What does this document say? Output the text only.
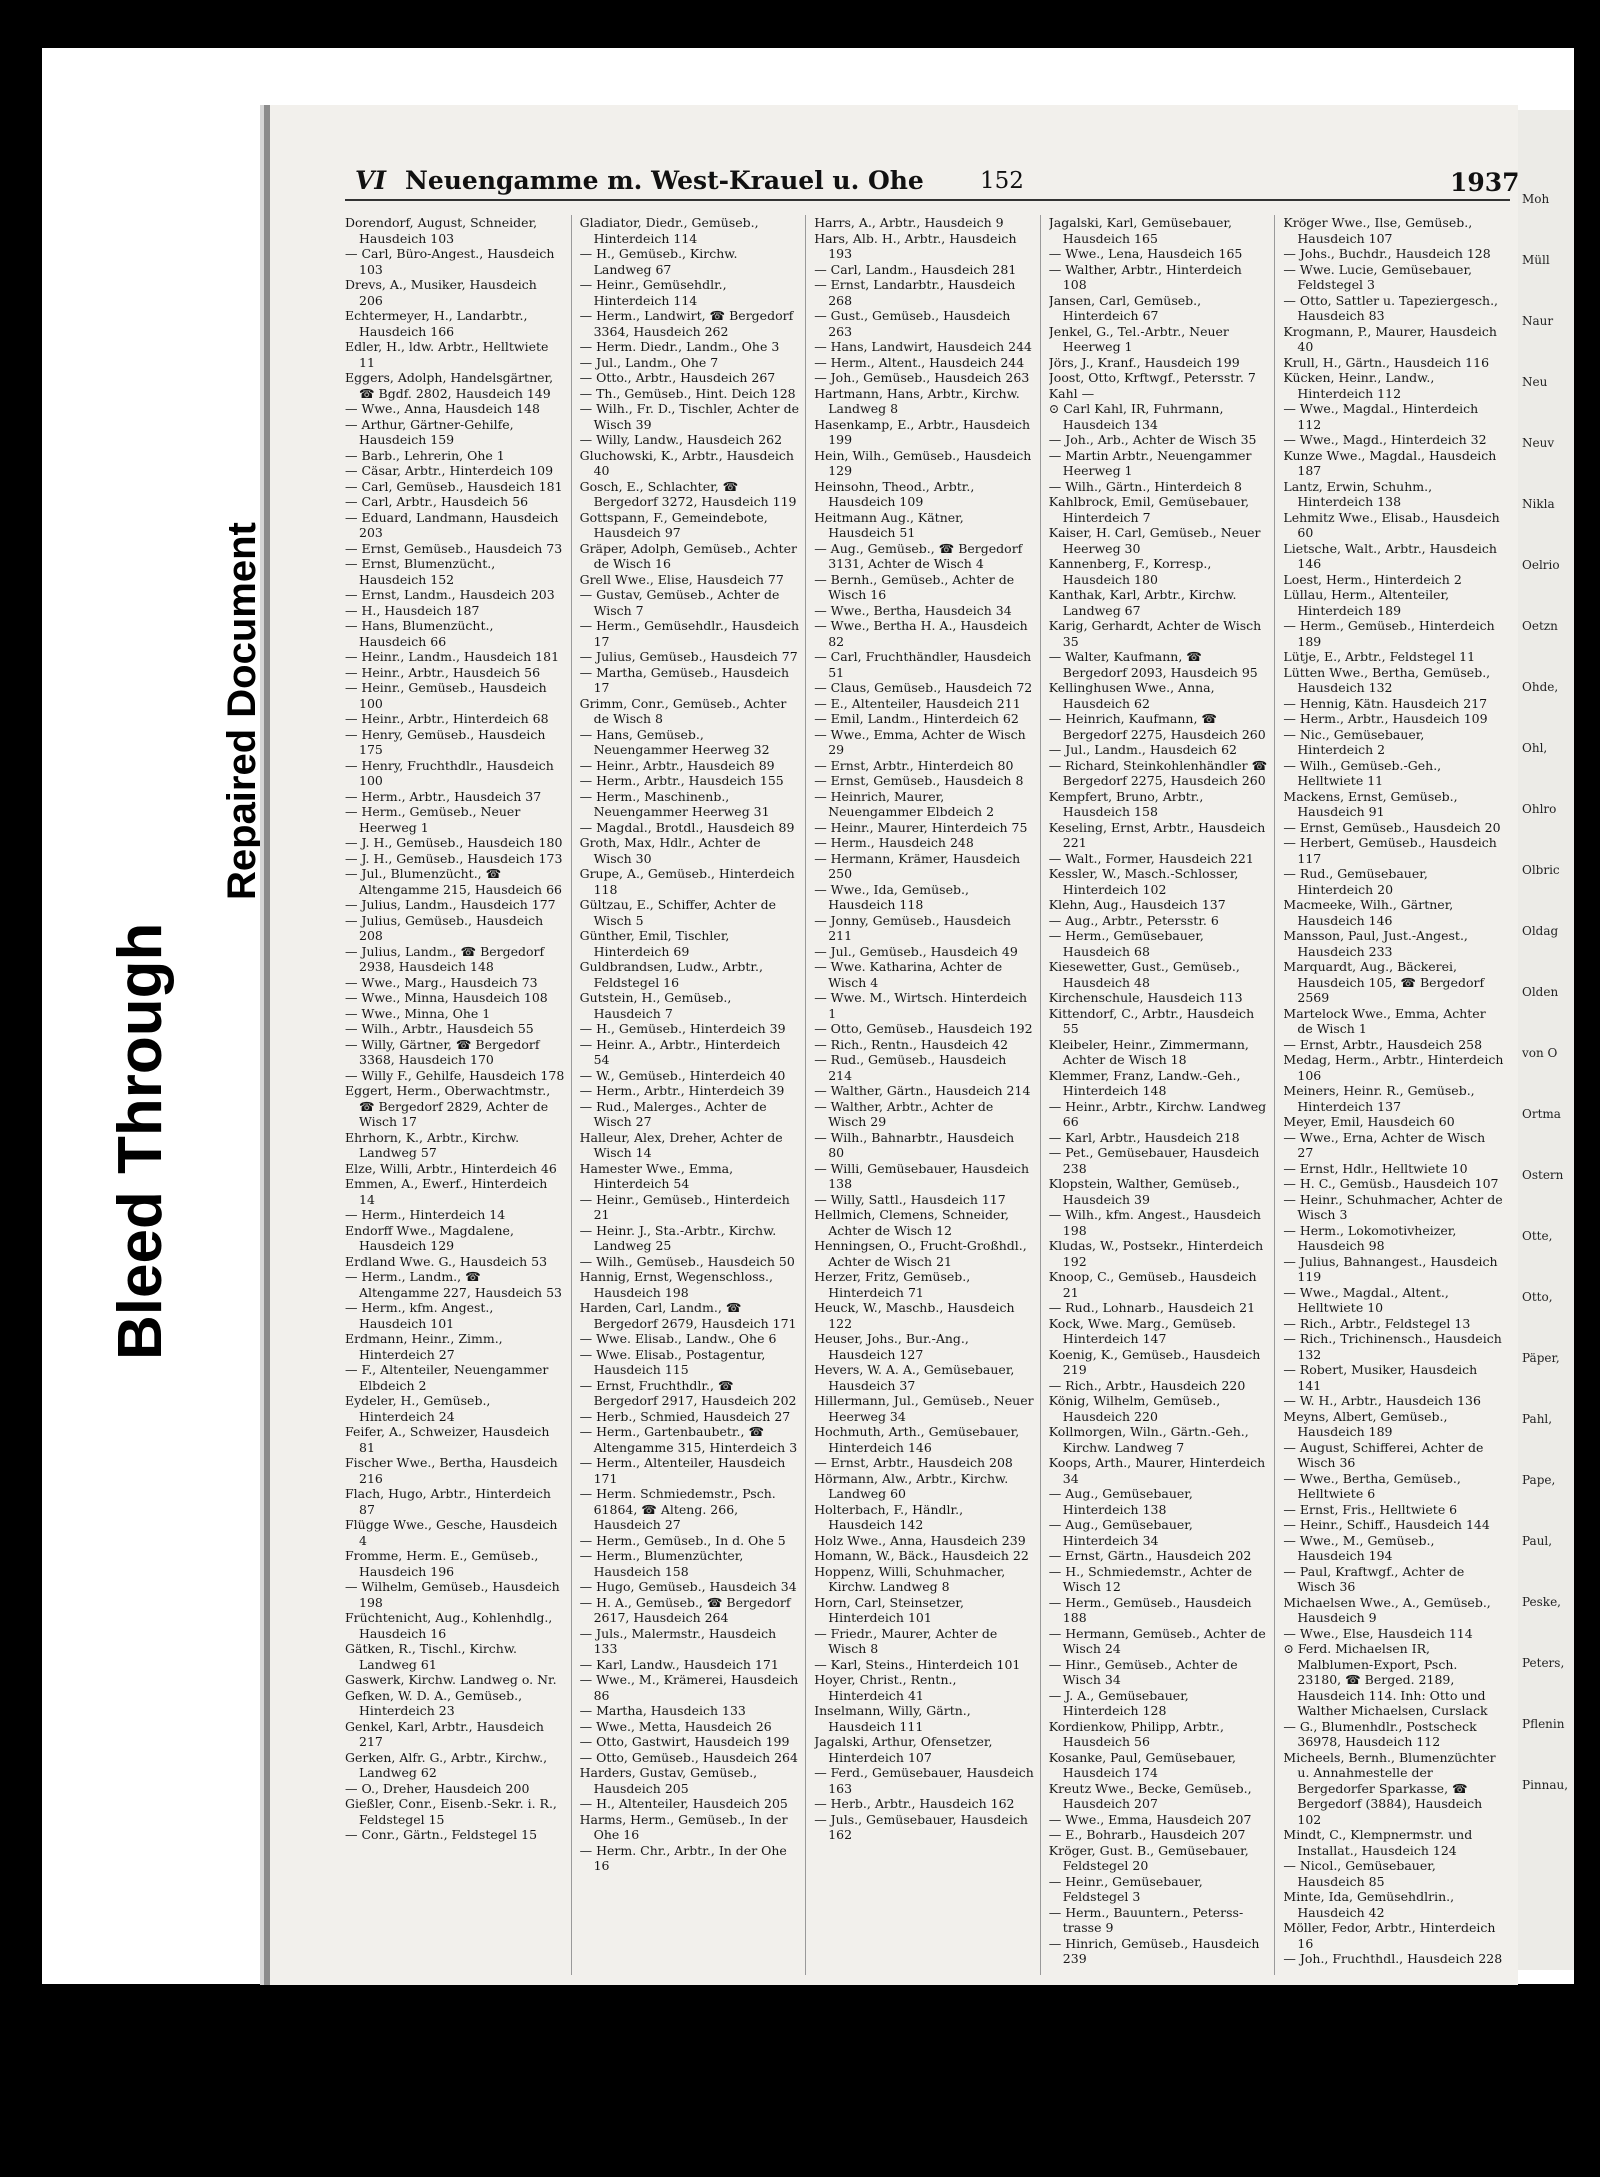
Bleed Through
Repaired Document
Moh
Müll
Naur
Neu
Neuv
Nikla
Oelrio
Oetzn
Ohde,
Ohl,
Ohlro
Olbric
Oldag
Olden
von O
Ortma
Ostern
Otte,
Otto,
Päper,
Pahl,
Pape,
Paul,
Peske,
Peters,
Pflenin
Pinnau,
VI Neuengamme m. West-Krauel u. Ohe 152	1937

Dorendorf, August, Schneider, Hausdeich 103

— Carl, Büro-Angest., Hausdeich 103

Drevs, A., Musiker, Hausdeich 206

Echtermeyer, H., Landarbtr., Hausdeich 166

Edler, H., ldw. Arbtr., Helltwiete 11

Eggers, Adolph, Handelsgärtner, ☎ Bgdf. 2802, Hausdeich 149

— Wwe., Anna, Hausdeich 148

— Arthur, Gärtner-Gehilfe, Hausdeich 159

— Barb., Lehrerin, Ohe 1

— Cäsar, Arbtr., Hinterdeich 109

— Carl, Gemüseb., Hausdeich 181

— Carl, Arbtr., Hausdeich 56

— Eduard, Landmann, Hausdeich 203

— Ernst, Gemüseb., Hausdeich 73

— Ernst, Blumenzücht., Hausdeich 152

— Ernst, Landm., Hausdeich 203

— H., Hausdeich 187

— Hans, Blumenzücht., Hausdeich 66

— Heinr., Landm., Hausdeich 181

— Heinr., Arbtr., Hausdeich 56

— Heinr., Gemüseb., Hausdeich 100

— Heinr., Arbtr., Hinterdeich 68

— Henry, Gemüseb., Hausdeich 175

— Henry, Fruchthdlr., Hausdeich 100

— Herm., Arbtr., Hausdeich 37

— Herm., Gemüseb., Neuer Heerweg 1

— J. H., Gemüseb., Hausdeich 180

— J. H., Gemüseb., Hausdeich 173

— Jul., Blumenzücht., ☎ Altengamme 215, Hausdeich 66

— Julius, Landm., Hausdeich 177

— Julius, Gemüseb., Hausdeich 208

— Julius, Landm., ☎ Bergedorf 2938, Hausdeich 148

— Wwe., Marg., Hausdeich 73

— Wwe., Minna, Hausdeich 108

— Wwe., Minna, Ohe 1

— Wilh., Arbtr., Hausdeich 55

— Willy, Gärtner, ☎ Bergedorf 3368, Hausdeich 170

— Willy F., Gehilfe, Hausdeich 178

Eggert, Herm., Oberwachtmstr., ☎ Bergedorf 2829, Achter de Wisch 17

Ehrhorn, K., Arbtr., Kirchw. Landweg 57

Elze, Willi, Arbtr., Hinterdeich 46

Emmen, A., Ewerf., Hinterdeich 14

— Herm., Hinterdeich 14

Endorff Wwe., Magdalene, Hausdeich 129

Erdland Wwe. G., Hausdeich 53

— Herm., Landm., ☎ Altengamme 227, Hausdeich 53

— Herm., kfm. Angest., Hausdeich 101

Erdmann, Heinr., Zimm., Hinterdeich 27

— F., Altenteiler, Neuengammer Elbdeich 2

Eydeler, H., Gemüseb., Hinterdeich 24

Feifer, A., Schweizer, Hausdeich 81

Fischer Wwe., Bertha, Hausdeich 216

Flach, Hugo, Arbtr., Hinterdeich 87

Flügge Wwe., Gesche, Hausdeich 4

Fromme, Herm. E., Gemüseb., Hausdeich 196

— Wilhelm, Gemüseb., Hausdeich 198

Früchtenicht, Aug., Kohlenhdlg., Hausdeich 16

Gätken, R., Tischl., Kirchw. Landweg 61

Gaswerk, Kirchw. Landweg o. Nr.

Gefken, W. D. A., Gemüseb., Hinterdeich 23

Genkel, Karl, Arbtr., Hausdeich 217

Gerken, Alfr. G., Arbtr., Kirchw., Landweg 62

— O., Dreher, Hausdeich 200

Gießler, Conr., Eisenb.-Sekr. i. R., Feldstegel 15

— Conr., Gärtn., Feldstegel 15

Gladiator, Diedr., Gemüseb., Hinterdeich 114

— H., Gemüseb., Kirchw. Landweg 67

— Heinr., Gemüsehdlr., Hinterdeich 114

— Herm., Landwirt, ☎ Bergedorf 3364, Hausdeich 262

— Herm. Diedr., Landm., Ohe 3

— Jul., Landm., Ohe 7

— Otto., Arbtr., Hausdeich 267

— Th., Gemüseb., Hint. Deich 128

— Wilh., Fr. D., Tischler, Achter de Wisch 39

— Willy, Landw., Hausdeich 262

Gluchowski, K., Arbtr., Hausdeich 40

Gosch, E., Schlachter, ☎ Bergedorf 3272, Hausdeich 119

Gottspann, F., Gemeindebote, Hausdeich 97

Gräper, Adolph, Gemüseb., Achter de Wisch 16

Grell Wwe., Elise, Hausdeich 77

— Gustav, Gemüseb., Achter de Wisch 7

— Herm., Gemüsehdlr., Hausdeich 17

— Julius, Gemüseb., Hausdeich 77

— Martha, Gemüseb., Hausdeich 17

Grimm, Conr., Gemüseb., Achter de Wisch 8

— Hans, Gemüseb., Neuengammer Heerweg 32

— Heinr., Arbtr., Hausdeich 89

— Herm., Arbtr., Hausdeich 155

— Herm., Maschinenb., Neuengammer Heerweg 31

— Magdal., Brotdl., Hausdeich 89

Groth, Max, Hdlr., Achter de Wisch 30

Grupe, A., Gemüseb., Hinterdeich 118

Gültzau, E., Schiffer, Achter de Wisch 5

Günther, Emil, Tischler, Hinterdeich 69

Guldbrandsen, Ludw., Arbtr., Feldstegel 16

Gutstein, H., Gemüseb., Hausdeich 7

— H., Gemüseb., Hinterdeich 39

— Heinr. A., Arbtr., Hinterdeich 54

— W., Gemüseb., Hinterdeich 40

— Herm., Arbtr., Hinterdeich 39

— Rud., Malerges., Achter de Wisch 27

Halleur, Alex, Dreher, Achter de Wisch 14

Hamester Wwe., Emma, Hinterdeich 54

— Heinr., Gemüseb., Hinterdeich 21

— Heinr. J., Sta.-Arbtr., Kirchw. Landweg 25

— Wilh., Gemüseb., Hausdeich 50

Hannig, Ernst, Wegenschloss., Hausdeich 198

Harden, Carl, Landm., ☎ Bergedorf 2679, Hausdeich 171

— Wwe. Elisab., Landw., Ohe 6

— Wwe. Elisab., Postagentur, Hausdeich 115

— Ernst, Fruchthdlr., ☎ Bergedorf 2917, Hausdeich 202

— Herb., Schmied, Hausdeich 27

— Herm., Gartenbaubetr., ☎ Altengamme 315, Hinterdeich 3

— Herm., Altenteiler, Hausdeich 171

— Herm. Schmiedemstr., Psch. 61864, ☎ Alteng. 266, Hausdeich 27

— Herm., Gemüseb., In d. Ohe 5

— Herm., Blumenzüchter, Hausdeich 158

— Hugo, Gemüseb., Hausdeich 34

— H. A., Gemüseb., ☎ Bergedorf 2617, Hausdeich 264

— Juls., Malermstr., Hausdeich 133

— Karl, Landw., Hausdeich 171

— Wwe., M., Krämerei, Hausdeich 86

— Martha, Hausdeich 133

— Wwe., Metta, Hausdeich 26

— Otto, Gastwirt, Hausdeich 199

— Otto, Gemüseb., Hausdeich 264

Harders, Gustav, Gemüseb., Hausdeich 205

— H., Altenteiler, Hausdeich 205

Harms, Herm., Gemüseb., In der Ohe 16

— Herm. Chr., Arbtr., In der Ohe 16

Harrs, A., Arbtr., Hausdeich 9

Hars, Alb. H., Arbtr., Hausdeich 193

— Carl, Landm., Hausdeich 281

— Ernst, Landarbtr., Hausdeich 268

— Gust., Gemüseb., Hausdeich 263

— Hans, Landwirt, Hausdeich 244

— Herm., Altent., Hausdeich 244

— Joh., Gemüseb., Hausdeich 263

Hartmann, Hans, Arbtr., Kirchw. Landweg 8

Hasenkamp, E., Arbtr., Hausdeich 199

Hein, Wilh., Gemüseb., Hausdeich 129

Heinsohn, Theod., Arbtr., Hausdeich 109

Heitmann Aug., Kätner, Hausdeich 51

— Aug., Gemüseb., ☎ Bergedorf 3131, Achter de Wisch 4

— Bernh., Gemüseb., Achter de Wisch 16

— Wwe., Bertha, Hausdeich 34

— Wwe., Bertha H. A., Hausdeich 82

— Carl, Fruchthändler, Hausdeich 51

— Claus, Gemüseb., Hausdeich 72

— E., Altenteiler, Hausdeich 211

— Emil, Landm., Hinterdeich 62

— Wwe., Emma, Achter de Wisch 29

— Ernst, Arbtr., Hinterdeich 80

— Ernst, Gemüseb., Hausdeich 8

— Heinrich, Maurer, Neuengammer Elbdeich 2

— Heinr., Maurer, Hinterdeich 75

— Herm., Hausdeich 248

— Hermann, Krämer, Hausdeich 250

— Wwe., Ida, Gemüseb., Hausdeich 118

— Jonny, Gemüseb., Hausdeich 211

— Jul., Gemüseb., Hausdeich 49

— Wwe. Katharina, Achter de Wisch 4

— Wwe. M., Wirtsch. Hinterdeich 1

— Otto, Gemüseb., Hausdeich 192

— Rich., Rentn., Hausdeich 42

— Rud., Gemüseb., Hausdeich 214

— Walther, Gärtn., Hausdeich 214

— Walther, Arbtr., Achter de Wisch 29

— Wilh., Bahnarbtr., Hausdeich 80

— Willi, Gemüsebauer, Hausdeich 138

— Willy, Sattl., Hausdeich 117

Hellmich, Clemens, Schneider, Achter de Wisch 12

Henningsen, O., Frucht-Großhdl., Achter de Wisch 21

Herzer, Fritz, Gemüseb., Hinterdeich 71

Heuck, W., Maschb., Hausdeich 122

Heuser, Johs., Bur.-Ang., Hausdeich 127

Hevers, W. A. A., Gemüsebauer, Hausdeich 37

Hillermann, Jul., Gemüseb., Neuer Heerweg 34

Hochmuth, Arth., Gemüsebauer, Hinterdeich 146

— Ernst, Arbtr., Hausdeich 208

Hörmann, Alw., Arbtr., Kirchw. Landweg 60

Holterbach, F., Händlr., Hausdeich 142

Holz Wwe., Anna, Hausdeich 239

Homann, W., Bäck., Hausdeich 22

Hoppenz, Willi, Schuhmacher, Kirchw. Landweg 8

Horn, Carl, Steinsetzer, Hinterdeich 101

— Friedr., Maurer, Achter de Wisch 8

— Karl, Steins., Hinterdeich 101

Hoyer, Christ., Rentn., Hinterdeich 41

Inselmann, Willy, Gärtn., Hausdeich 111

Jagalski, Arthur, Ofensetzer, Hinterdeich 107

— Ferd., Gemüsebauer, Hausdeich 163

— Herb., Arbtr., Hausdeich 162

— Juls., Gemüsebauer, Hausdeich 162

Jagalski, Karl, Gemüsebauer, Hausdeich 165

— Wwe., Lena, Hausdeich 165

— Walther, Arbtr., Hinterdeich 108

Jansen, Carl, Gemüseb., Hinterdeich 67

Jenkel, G., Tel.-Arbtr., Neuer Heerweg 1

Jörs, J., Kranf., Hausdeich 199

Joost, Otto, Krftwgf., Petersstr. 7

Kahl —

⊙ Carl Kahl, IR, Fuhrmann, Hausdeich 134

— Joh., Arb., Achter de Wisch 35

— Martin Arbtr., Neuengammer Heerweg 1

— Wilh., Gärtn., Hinterdeich 8

Kahlbrock, Emil, Gemüsebauer, Hinterdeich 7

Kaiser, H. Carl, Gemüseb., Neuer Heerweg 30

Kannenberg, F., Korresp., Hausdeich 180

Kanthak, Karl, Arbtr., Kirchw. Landweg 67

Karig, Gerhardt, Achter de Wisch 35

— Walter, Kaufmann, ☎ Bergedorf 2093, Hausdeich 95

Kellinghusen Wwe., Anna, Hausdeich 62

— Heinrich, Kaufmann, ☎ Bergedorf 2275, Hausdeich 260

— Jul., Landm., Hausdeich 62

— Richard, Steinkohlenhändler ☎ Bergedorf 2275, Hausdeich 260

Kempfert, Bruno, Arbtr., Hausdeich 158

Keseling, Ernst, Arbtr., Hausdeich 221

— Walt., Former, Hausdeich 221

Kessler, W., Masch.-Schlosser, Hinterdeich 102

Klehn, Aug., Hausdeich 137

— Aug., Arbtr., Petersstr. 6

— Herm., Gemüsebauer, Hausdeich 68

Kiesewetter, Gust., Gemüseb., Hausdeich 48

Kirchenschule, Hausdeich 113

Kittendorf, C., Arbtr., Hausdeich 55

Kleibeler, Heinr., Zimmermann, Achter de Wisch 18

Klemmer, Franz, Landw.-Geh., Hinterdeich 148

— Heinr., Arbtr., Kirchw. Landweg 66

— Karl, Arbtr., Hausdeich 218

— Pet., Gemüsebauer, Hausdeich 238

Klopstein, Walther, Gemüseb., Hausdeich 39

— Wilh., kfm. Angest., Hausdeich 198

Kludas, W., Postsekr., Hinterdeich 192

Knoop, C., Gemüseb., Hausdeich 21

— Rud., Lohnarb., Hausdeich 21

Kock, Wwe. Marg., Gemüseb. Hinterdeich 147

Koenig, K., Gemüseb., Hausdeich 219

— Rich., Arbtr., Hausdeich 220

König, Wilhelm, Gemüseb., Hausdeich 220

Kollmorgen, Wiln., Gärtn.-Geh., Kirchw. Landweg 7

Koops, Arth., Maurer, Hinterdeich 34

— Aug., Gemüsebauer, Hinterdeich 138

— Aug., Gemüsebauer, Hinterdeich 34

— Ernst, Gärtn., Hausdeich 202

— H., Schmiedemstr., Achter de Wisch 12

— Herm., Gemüseb., Hausdeich 188

— Hermann, Gemüseb., Achter de Wisch 24

— Hinr., Gemüseb., Achter de Wisch 34

— J. A., Gemüsebauer, Hinterdeich 128

Kordienkow, Philipp, Arbtr., Hausdeich 56

Kosanke, Paul, Gemüsebauer, Hausdeich 174

Kreutz Wwe., Becke, Gemüseb., Hausdeich 207

— Wwe., Emma, Hausdeich 207

— E., Bohrarb., Hausdeich 207

Kröger, Gust. B., Gemüsebauer, Feldstegel 20

— Heinr., Gemüsebauer, Feldstegel 3

— Herm., Bauuntern., Petersstrasse 9

— Hinrich, Gemüseb., Hausdeich 239

Kröger Wwe., Ilse, Gemüseb., Hausdeich 107

— Johs., Buchdr., Hausdeich 128

— Wwe. Lucie, Gemüsebauer, Feldstegel 3

— Otto, Sattler u. Tapeziergesch., Hausdeich 83

Krogmann, P., Maurer, Hausdeich 40

Krull, H., Gärtn., Hausdeich 116

Kücken, Heinr., Landw., Hinterdeich 112

— Wwe., Magdal., Hinterdeich 112

— Wwe., Magd., Hinterdeich 32

Kunze Wwe., Magdal., Hausdeich 187

Lantz, Erwin, Schuhm., Hinterdeich 138

Lehmitz Wwe., Elisab., Hausdeich 60

Lietsche, Walt., Arbtr., Hausdeich 146

Loest, Herm., Hinterdeich 2

Lüllau, Herm., Altenteiler, Hinterdeich 189

— Herm., Gemüseb., Hinterdeich 189

Lütje, E., Arbtr., Feldstegel 11

Lütten Wwe., Bertha, Gemüseb., Hausdeich 132

— Hennig, Kätn. Hausdeich 217

— Herm., Arbtr., Hausdeich 109

— Nic., Gemüsebauer, Hinterdeich 2

— Wilh., Gemüseb.-Geh., Helltwiete 11

Mackens, Ernst, Gemüseb., Hausdeich 91

— Ernst, Gemüseb., Hausdeich 20

— Herbert, Gemüseb., Hausdeich 117

— Rud., Gemüsebauer, Hinterdeich 20

Macmeeke, Wilh., Gärtner, Hausdeich 146

Mansson, Paul, Just.-Angest., Hausdeich 233

Marquardt, Aug., Bäckerei, Hausdeich 105, ☎ Bergedorf 2569

Martelock Wwe., Emma, Achter de Wisch 1

— Ernst, Arbtr., Hausdeich 258

Medag, Herm., Arbtr., Hinterdeich 106

Meiners, Heinr. R., Gemüseb., Hinterdeich 137

Meyer, Emil, Hausdeich 60

— Wwe., Erna, Achter de Wisch 27

— Ernst, Hdlr., Helltwiete 10

— H. C., Gemüsb., Hausdeich 107

— Heinr., Schuhmacher, Achter de Wisch 3

— Herm., Lokomotivheizer, Hausdeich 98

— Julius, Bahnangest., Hausdeich 119

— Wwe., Magdal., Altent., Helltwiete 10

— Rich., Arbtr., Feldstegel 13

— Rich., Trichinensch., Hausdeich 132

— Robert, Musiker, Hausdeich 141

— W. H., Arbtr., Hausdeich 136

Meyns, Albert, Gemüseb., Hausdeich 189

— August, Schifferei, Achter de Wisch 36

— Wwe., Bertha, Gemüseb., Helltwiete 6

— Ernst, Fris., Helltwiete 6

— Heinr., Schiff., Hausdeich 144

— Wwe., M., Gemüseb., Hausdeich 194

— Paul, Kraftwgf., Achter de Wisch 36

Michaelsen Wwe., A., Gemüseb., Hausdeich 9

— Wwe., Else, Hausdeich 114

⊙ Ferd. Michaelsen IR, Malblumen-Export, Psch. 23180, ☎ Berged. 2189, Hausdeich 114. Inh: Otto und Walther Michaelsen, Curslack

— G., Blumenhdlr., Postscheck 36978, Hausdeich 112

Micheels, Bernh., Blumenzüchter u. Annahmestelle der Bergedorfer Sparkasse, ☎ Bergedorf (3884), Hausdeich 102

Mindt, C., Klempnermstr. und Installat., Hausdeich 124

— Nicol., Gemüsebauer, Hausdeich 85

Minte, Ida, Gemüsehdlrin., Hausdeich 42

Möller, Fedor, Arbtr., Hinterdeich 16

— Joh., Fruchthdl., Hausdeich 228
